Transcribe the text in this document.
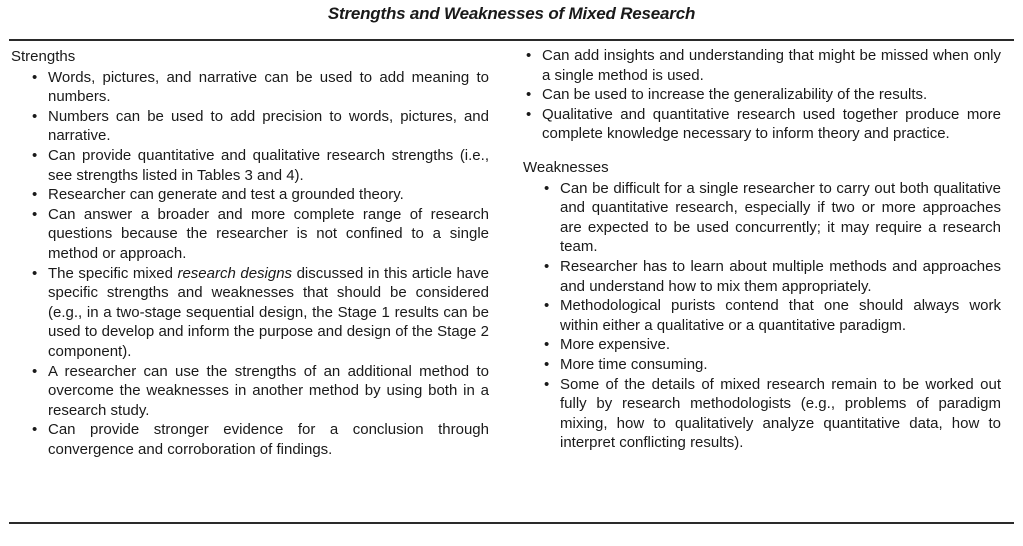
Strengths and Weaknesses of Mixed Research
Strengths
• Words, pictures, and narrative can be used to add meaning to numbers.
• Numbers can be used to add precision to words, pictures, and narrative.
• Can provide quantitative and qualitative research strengths (i.e., see strengths listed in Tables 3 and 4).
• Researcher can generate and test a grounded theory.
• Can answer a broader and more complete range of research questions because the researcher is not confined to a single method or approach.
• The specific mixed research designs discussed in this article have specific strengths and weaknesses that should be considered (e.g., in a two-stage sequential design, the Stage 1 results can be used to develop and inform the purpose and design of the Stage 2 component).
• A researcher can use the strengths of an additional method to overcome the weaknesses in another method by using both in a research study.
• Can provide stronger evidence for a conclusion through convergence and corroboration of findings.
• Can add insights and understanding that might be missed when only a single method is used.
• Can be used to increase the generalizability of the results.
• Qualitative and quantitative research used together produce more complete knowledge necessary to inform theory and practice.
Weaknesses
• Can be difficult for a single researcher to carry out both qualitative and quantitative research, especially if two or more approaches are expected to be used concurrently; it may require a research team.
• Researcher has to learn about multiple methods and approaches and understand how to mix them appropriately.
• Methodological purists contend that one should always work within either a qualitative or a quantitative paradigm.
• More expensive.
• More time consuming.
• Some of the details of mixed research remain to be worked out fully by research methodologists (e.g., problems of paradigm mixing, how to qualitatively analyze quantitative data, how to interpret conflicting results).
